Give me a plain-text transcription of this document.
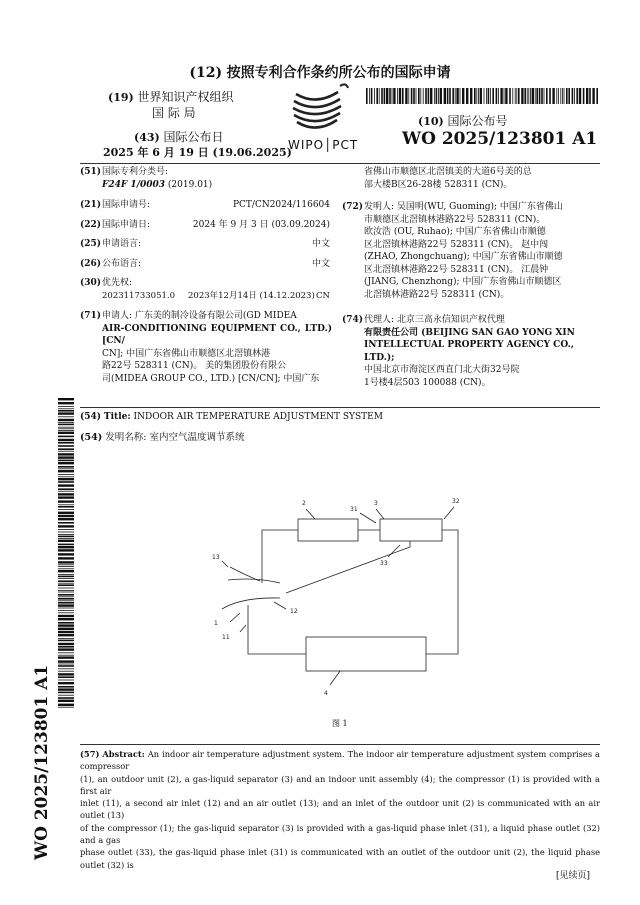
(12) 按照专利合作条约所公布的国际申请
(19) 世界知识产权组织
国 际 局
(43) 国际公布日
2025 年 6 月 19 日 (19.06.2025)
WIPO│PCT
(10) 国际公布号
WO 2025/123801 A1
(51) 国际专利分类号:
F24F 1/0003 (2019.01)
(21) 国际申请号:	PCT/CN2024/116604
(22) 国际申请日:	2024 年 9 月 3 日 (03.09.2024)
(25) 申请语言:	中文
(26) 公布语言:	中文
(30) 优先权:
202311733051.0 2023年12月14日 (14.12.2023) CN
(71) 申请人: 广东美的制冷设备有限公司(GD MIDEA
AIR-CONDITIONING EQUIPMENT CO., LTD.) [CN/
CN]; 中国广东省佛山市顺德区北滘镇林港
路22号 528311 (CN)。 美的集团股份有限公
司(MIDEA GROUP CO., LTD.) [CN/CN]; 中国广东
省佛山市顺德区北滘镇美的大道6号美的总
部大楼B区26-28楼 528311 (CN)。
(72) 发明人: 吴国明(WU, Guoming); 中国广东省佛山
市顺德区北滘镇林港路22号 528311 (CN)。
欧汝浩 (OU, Ruhao); 中国广东省佛山市顺德
区北滘镇林港路22号 528311 (CN)。 赵中闯
(ZHAO, Zhongchuang); 中国广东省佛山市顺德
区北滘镇林港路22号 528311 (CN)。 江晨钟
(JIANG, Chenzhong); 中国广东省佛山市顺德区
北滘镇林港路22号 528311 (CN)。
(74) 代理人: 北京三高永信知识产权代理
有限责任公司 (BEIJING SAN GAO YONG XIN
INTELLECTUAL PROPERTY AGENCY CO., LTD.);
中国北京市海淀区西直门北大街32号院
1号楼4层503 100088 (CN)。
WO 2025/123801 A1
(54) Title: INDOOR AIR TEMPERATURE ADJUSTMENT SYSTEM
(54) 发明名称: 室内空气温度调节系统
2	3	32
31
33
13
1
11
12
4
图 1
(57) Abstract: An indoor air temperature adjustment system. The indoor air temperature adjustment system comprises a compressor
(1), an outdoor unit (2), a gas-liquid separator (3) and an indoor unit assembly (4); the compressor (1) is provided with a first air
inlet (11), a second air inlet (12) and an air outlet (13); and an inlet of the outdoor unit (2) is communicated with an air outlet (13)
of the compressor (1); the gas-liquid separator (3) is provided with a gas-liquid phase inlet (31), a liquid phase outlet (32) and a gas
phase outlet (33), the gas-liquid phase inlet (31) is communicated with an outlet of the outdoor unit (2), the liquid phase outlet (32) is
[见续页]
